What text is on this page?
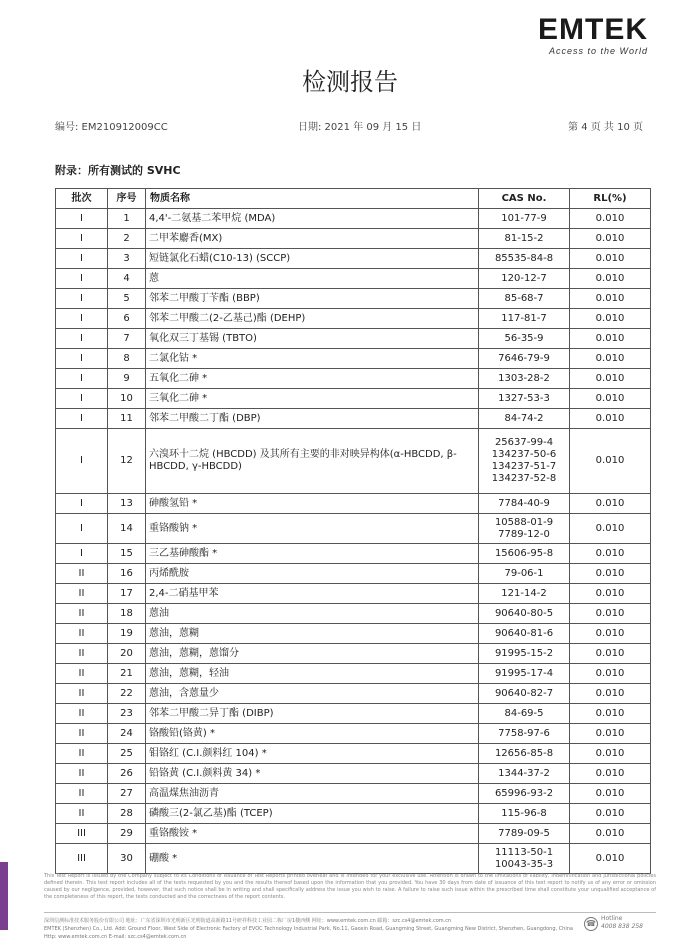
EMTEK
Access to the World
检测报告
编号: EM210912009CC	日期: 2021 年 09 月 15 日	第 4 页 共 10 页
附录：所有测试的 SVHC
批次	序号	物质名称	CAS No.	RL(%)
I	1	4,4'-二氨基二苯甲烷 (MDA)	101-77-9	0.010
I	2	二甲苯麝香(MX)	81-15-2	0.010
I	3	短链氯化石蜡(C10-13) (SCCP)	85535-84-8	0.010
I	4	蒽	120-12-7	0.010
I	5	邻苯二甲酸丁苄酯 (BBP)	85-68-7	0.010
I	6	邻苯二甲酸二(2-乙基己)酯 (DEHP)	117-81-7	0.010
I	7	氧化双三丁基锡 (TBTO)	56-35-9	0.010
I	8	二氯化钴 *	7646-79-9	0.010
I	9	五氧化二砷 *	1303-28-2	0.010
I	10	三氧化二砷 *	1327-53-3	0.010
I	11	邻苯二甲酸二丁酯 (DBP)	84-74-2	0.010
I	12	六溴环十二烷 (HBCDD) 及其所有主要的非对映异构体(α-HBCDD, β-HBCDD, γ-HBCDD)	25637-99-4
134237-50-6
134237-51-7
134237-52-8	0.010
I	13	砷酸氢铅 *	7784-40-9	0.010
I	14	重铬酸钠 *	10588-01-9
7789-12-0	0.010
I	15	三乙基砷酸酯 *	15606-95-8	0.010
II	16	丙烯酰胺	79-06-1	0.010
II	17	2,4-二硝基甲苯	121-14-2	0.010
II	18	蒽油	90640-80-5	0.010
II	19	蒽油，蒽糊	90640-81-6	0.010
II	20	蒽油，蒽糊，蒽馏分	91995-15-2	0.010
II	21	蒽油，蒽糊，轻油	91995-17-4	0.010
II	22	蒽油，含蒽量少	90640-82-7	0.010
II	23	邻苯二甲酸二异丁酯 (DIBP)	84-69-5	0.010
II	24	铬酸铅(铬黄) *	7758-97-6	0.010
II	25	钼铬红 (C.I.颜料红 104) *	12656-85-8	0.010
II	26	铅铬黄 (C.I.颜料黄 34) *	1344-37-2	0.010
II	27	高温煤焦油沥青	65996-93-2	0.010
II	28	磷酸三(2-氯乙基)酯 (TCEP)	115-96-8	0.010
III	29	重铬酸铵 *	7789-09-5	0.010
III	30	硼酸 *	11113-50-1
10043-35-3	0.010
This Test Report is issued by the Company subject to its Conditions of Issuance of Test Reports printed overleaf and is intended for your exclusive use. Attention is drawn to the limitations of liability, indemnification and jurisdictional policies defined therein. This test report includes all of the tests requested by you and the results thereof based upon the information that you provided. You have 30 days from date of issuance of this test report to notify us of any error or omission caused by our negligence, provided, however, that such notice shall be in writing and shall specifically address the issue you wish to raise. A failure to raise such issue within the prescribed time shall constitute your unqualified acceptance of the completeness of this report, the tests conducted and the correctness of the report contents.
深圳信测标准技术服务股份有限公司 地址：广东省深圳市光明新区光明街道高新路11号研祥科技工业园二栋厂房1楼西侧 网址：www.emtek.com.cn 邮箱：szc.cs4@emtek.com.cn
EMTEK (Shenzhen) Co., Ltd. Add: Ground Floor, West Side of Electronic Factory of EVOC Technology Industrial Park, No.11, Gaoxin Road, Guangming Street, Guangming New District, Shenzhen, Guangdong, China Http: www.emtek.com.cn E-mail: szc.cs4@emtek.com.cn
☎
Hotline
4008 838 258
